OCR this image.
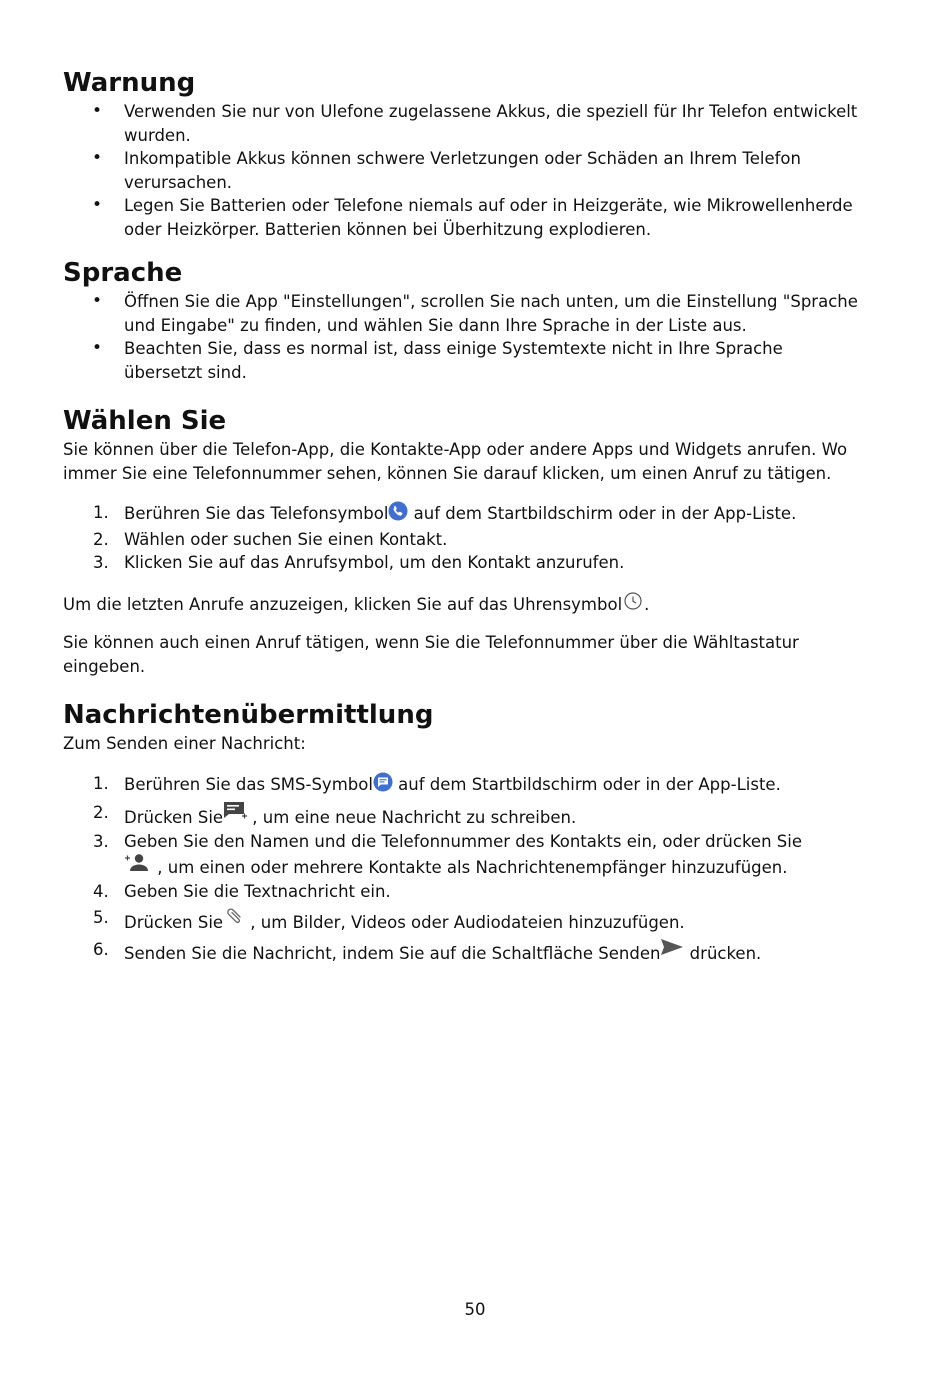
Warnung
• Verwenden Sie nur von Ulefone zugelassene Akkus, die speziell für Ihr Telefon entwickelt wurden.
• Inkompatible Akkus können schwere Verletzungen oder Schäden an Ihrem Telefon verursachen.
• Legen Sie Batterien oder Telefone niemals auf oder in Heizgeräte, wie Mikrowellenherde oder Heizkörper. Batterien können bei Überhitzung explodieren.
Sprache
• Öffnen Sie die App "Einstellungen", scrollen Sie nach unten, um die Einstellung "Sprache und Eingabe" zu finden, und wählen Sie dann Ihre Sprache in der Liste aus.
• Beachten Sie, dass es normal ist, dass einige Systemtexte nicht in Ihre Sprache übersetzt sind.
Wählen Sie

Sie können über die Telefon-App, die Kontakte-App oder andere Apps und Widgets anrufen. Wo immer Sie eine Telefonnummer sehen, können Sie darauf klicken, um einen Anruf zu tätigen.

1. Berühren Sie das Telefonsymbol auf dem Startbildschirm oder in der App-Liste.
2. Wählen oder suchen Sie einen Kontakt.
3. Klicken Sie auf das Anrufsymbol, um den Kontakt anzurufen.

Um die letzten Anrufe anzuzeigen, klicken Sie auf das Uhrensymbol .

Sie können auch einen Anruf tätigen, wenn Sie die Telefonnummer über die Wähltastatur eingeben.

Nachrichtenübermittlung

Zum Senden einer Nachricht:

1. Berühren Sie das SMS-Symbol auf dem Startbildschirm oder in der App-Liste.
2. Drücken Sie , um eine neue Nachricht zu schreiben.
3. Geben Sie den Namen und die Telefonnummer des Kontakts ein, oder drücken Sie
, um einen oder mehrere Kontakte als Nachrichtenempfänger hinzuzufügen.
4. Geben Sie die Textnachricht ein.
5. Drücken Sie , um Bilder, Videos oder Audiodateien hinzuzufügen.
6. Senden Sie die Nachricht, indem Sie auf die Schaltfläche Senden drücken.
50
